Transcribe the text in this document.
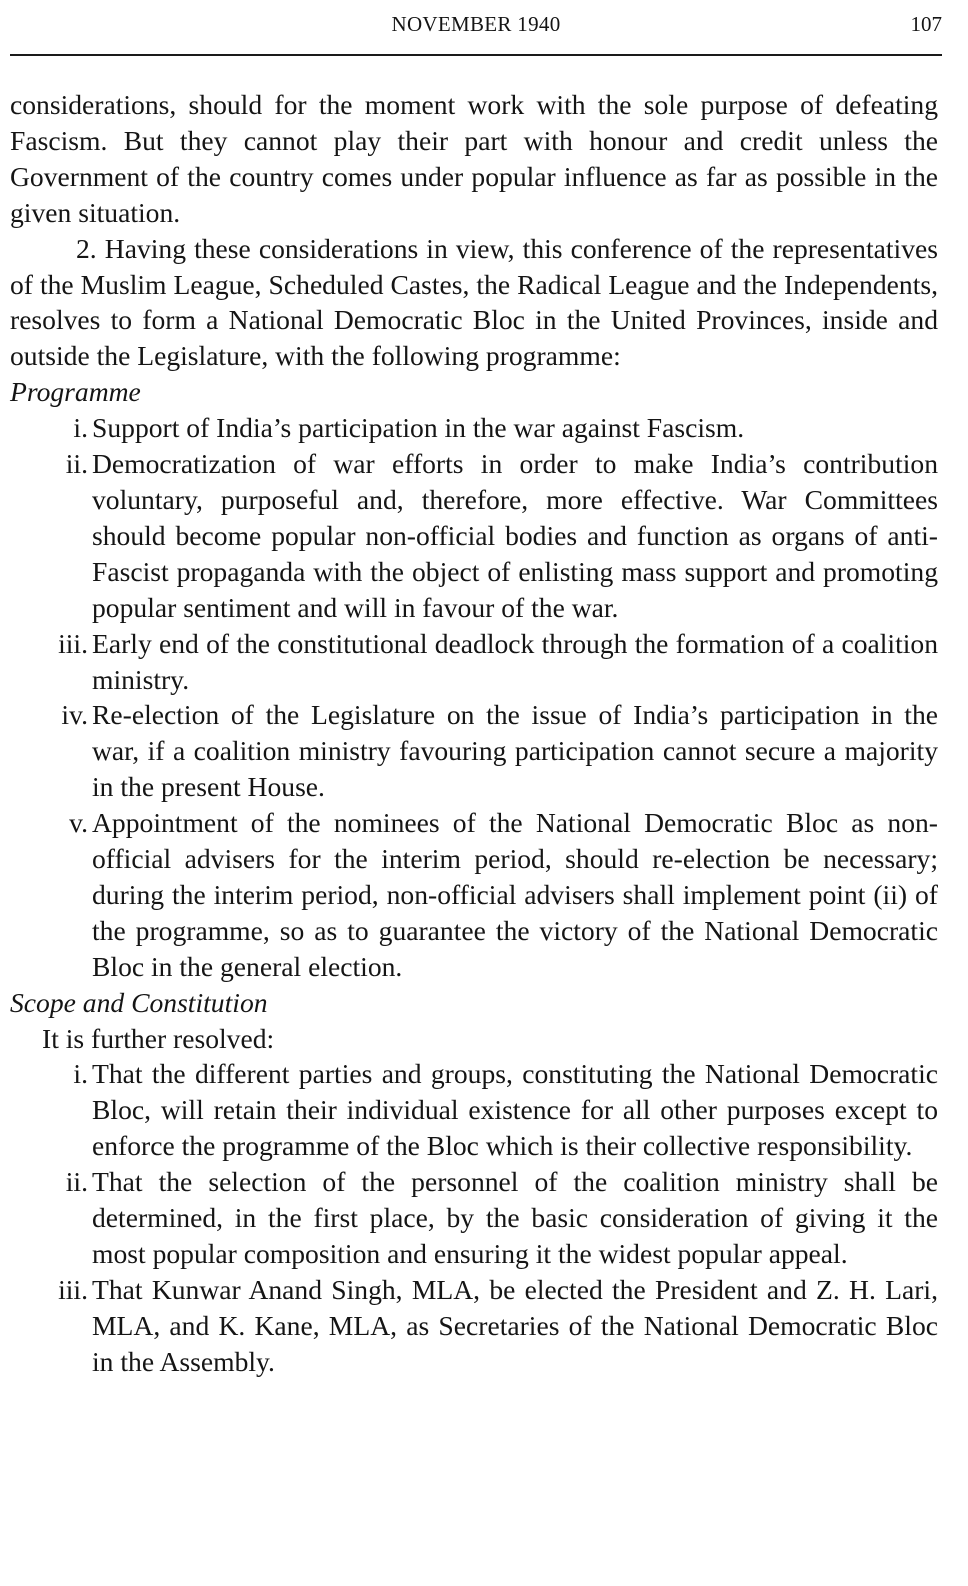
NOVEMBER 1940	107

considerations, should for the moment work with the sole purpose of defeating Fascism. But they cannot play their part with honour and credit unless the Government of the country comes under popular influence as far as possible in the given situation.

2. Having these considerations in view, this conference of the representatives of the Muslim League, Scheduled Castes, the Radical League and the Independents, resolves to form a National Democratic Bloc in the United Provinces, inside and outside the Legislature, with the following programme:

Programme

i. Support of India’s participation in the war against Fascism.
ii. Democratization of war efforts in order to make India’s contribution voluntary, purposeful and, therefore, more effective. War Committees should become popular non-official bodies and function as organs of anti-Fascist propaganda with the object of enlisting mass support and promoting popular sentiment and will in favour of the war.
iii. Early end of the constitutional deadlock through the formation of a coalition ministry.
iv. Re-election of the Legislature on the issue of India’s participation in the war, if a coalition ministry favouring participation cannot secure a majority in the present House.
v. Appointment of the nominees of the National Democratic Bloc as non-official advisers for the interim period, should re-election be necessary; during the interim period, non-official advisers shall implement point (ii) of the programme, so as to guarantee the victory of the National Democratic Bloc in the general election.

Scope and Constitution

It is further resolved:

i. That the different parties and groups, constituting the National Democratic Bloc, will retain their individual existence for all other purposes except to enforce the programme of the Bloc which is their collective responsibility.
ii. That the selection of the personnel of the coalition ministry shall be determined, in the first place, by the basic consideration of giving it the most popular composition and ensuring it the widest popular appeal.
iii. That Kunwar Anand Singh, MLA, be elected the President and Z. H. Lari, MLA, and K. Kane, MLA, as Secretaries of the National Democratic Bloc in the Assembly.
